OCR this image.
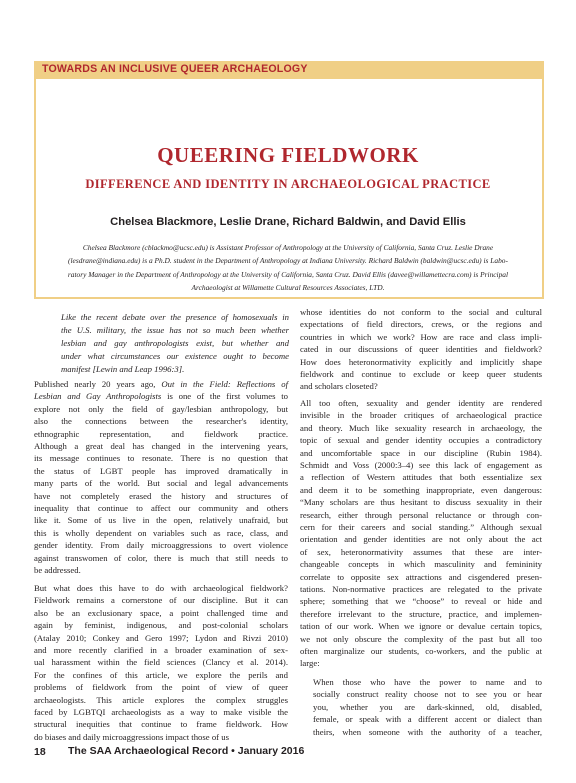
TOWARDS AN INCLUSIVE QUEER ARCHAEOLOGY
QUEERING FIELDWORK
DIFFERENCE AND IDENTITY IN ARCHAEOLOGICAL PRACTICE
Chelsea Blackmore, Leslie Drane, Richard Baldwin, and David Ellis
Chelsea Blackmore (cblackmo@ucsc.edu) is Assistant Professor of Anthropology at the University of California, Santa Cruz. Leslie Drane
(lesdrane@indiana.edu) is a Ph.D. student in the Department of Anthropology at Indiana University. Richard Baldwin (baldwin@ucsc.edu) is Labo-
ratory Manager in the Department of Anthropology at the University of California, Santa Cruz. David Ellis (davee@willamettecra.com) is Principal
Archaeologist at Willamette Cultural Resources Associates, LTD.
Like the recent debate over the presence of homosexuals in
the U.S. military, the issue has not so much been whether
lesbian and gay anthropologists exist, but whether and
under what circumstances our existence ought to become
manifest [Lewin and Leap 1996:3].
Published nearly 20 years ago, Out in the Field: Reflections of
Lesbian and Gay Anthropologists is one of the first volumes to
explore not only the field of gay/lesbian anthropology, but
also the connections between the researcher's identity,
ethnographic representation, and fieldwork practice.
Although a great deal has changed in the intervening years,
its message continues to resonate. There is no question that
the status of LGBT people has improved dramatically in
many parts of the world. But social and legal advancements
have not completely erased the history and structures of
inequality that continue to affect our community and others
like it. Some of us live in the open, relatively unafraid, but
this is wholly dependent on variables such as race, class, and
gender identity. From daily microaggressions to overt violence
against transwomen of color, there is much that still needs to
be addressed.
But what does this have to do with archaeological fieldwork?
Fieldwork remains a cornerstone of our discipline. But it can
also be an exclusionary space, a point challenged time and
again by feminist, indigenous, and post-colonial scholars
(Atalay 2010; Conkey and Gero 1997; Lydon and Rivzi 2010)
and more recently clarified in a broader examination of sex-
ual harassment within the field sciences (Clancy et al. 2014).
For the confines of this article, we explore the perils and
problems of fieldwork from the point of view of queer
archaeologists. This article explores the complex struggles
faced by LGBTQI archaeologists as a way to make visible the
structural inequities that continue to frame fieldwork. How
do biases and daily microaggressions impact those of us
whose identities do not conform to the social and cultural
expectations of field directors, crews, or the regions and
countries in which we work? How are race and class impli-
cated in our discussions of queer identities and fieldwork?
How does heteronormativity explicitly and implicitly shape
fieldwork and continue to exclude or keep queer students
and scholars closeted?
All too often, sexuality and gender identity are rendered
invisible in the broader critiques of archaeological practice
and theory. Much like sexuality research in archaeology, the
topic of sexual and gender identity occupies a contradictory
and uncomfortable space in our discipline (Rubin 1984).
Schmidt and Voss (2000:3–4) see this lack of engagement as
a reflection of Western attitudes that both essentialize sex
and deem it to be something inappropriate, even dangerous:
“Many scholars are thus hesitant to discuss sexuality in their
research, either through personal reluctance or through con-
cern for their careers and social standing.” Although sexual
orientation and gender identities are not only about the act
of sex, heteronormativity assumes that these are inter-
changeable concepts in which masculinity and femininity
correlate to opposite sex attractions and cisgendered presen-
tations. Non-normative practices are relegated to the private
sphere; something that we “choose” to reveal or hide and
therefore irrelevant to the structure, practice, and implemen-
tation of our work. When we ignore or devalue certain topics,
we not only obscure the complexity of the past but all too
often marginalize our students, co-workers, and the public at
large:
When those who have the power to name and to
socially construct reality choose not to see you or hear
you, whether you are dark-skinned, old, disabled,
female, or speak with a different accent or dialect than
theirs, when someone with the authority of a teacher,
18 The SAA Archaeological Record • January 2016
